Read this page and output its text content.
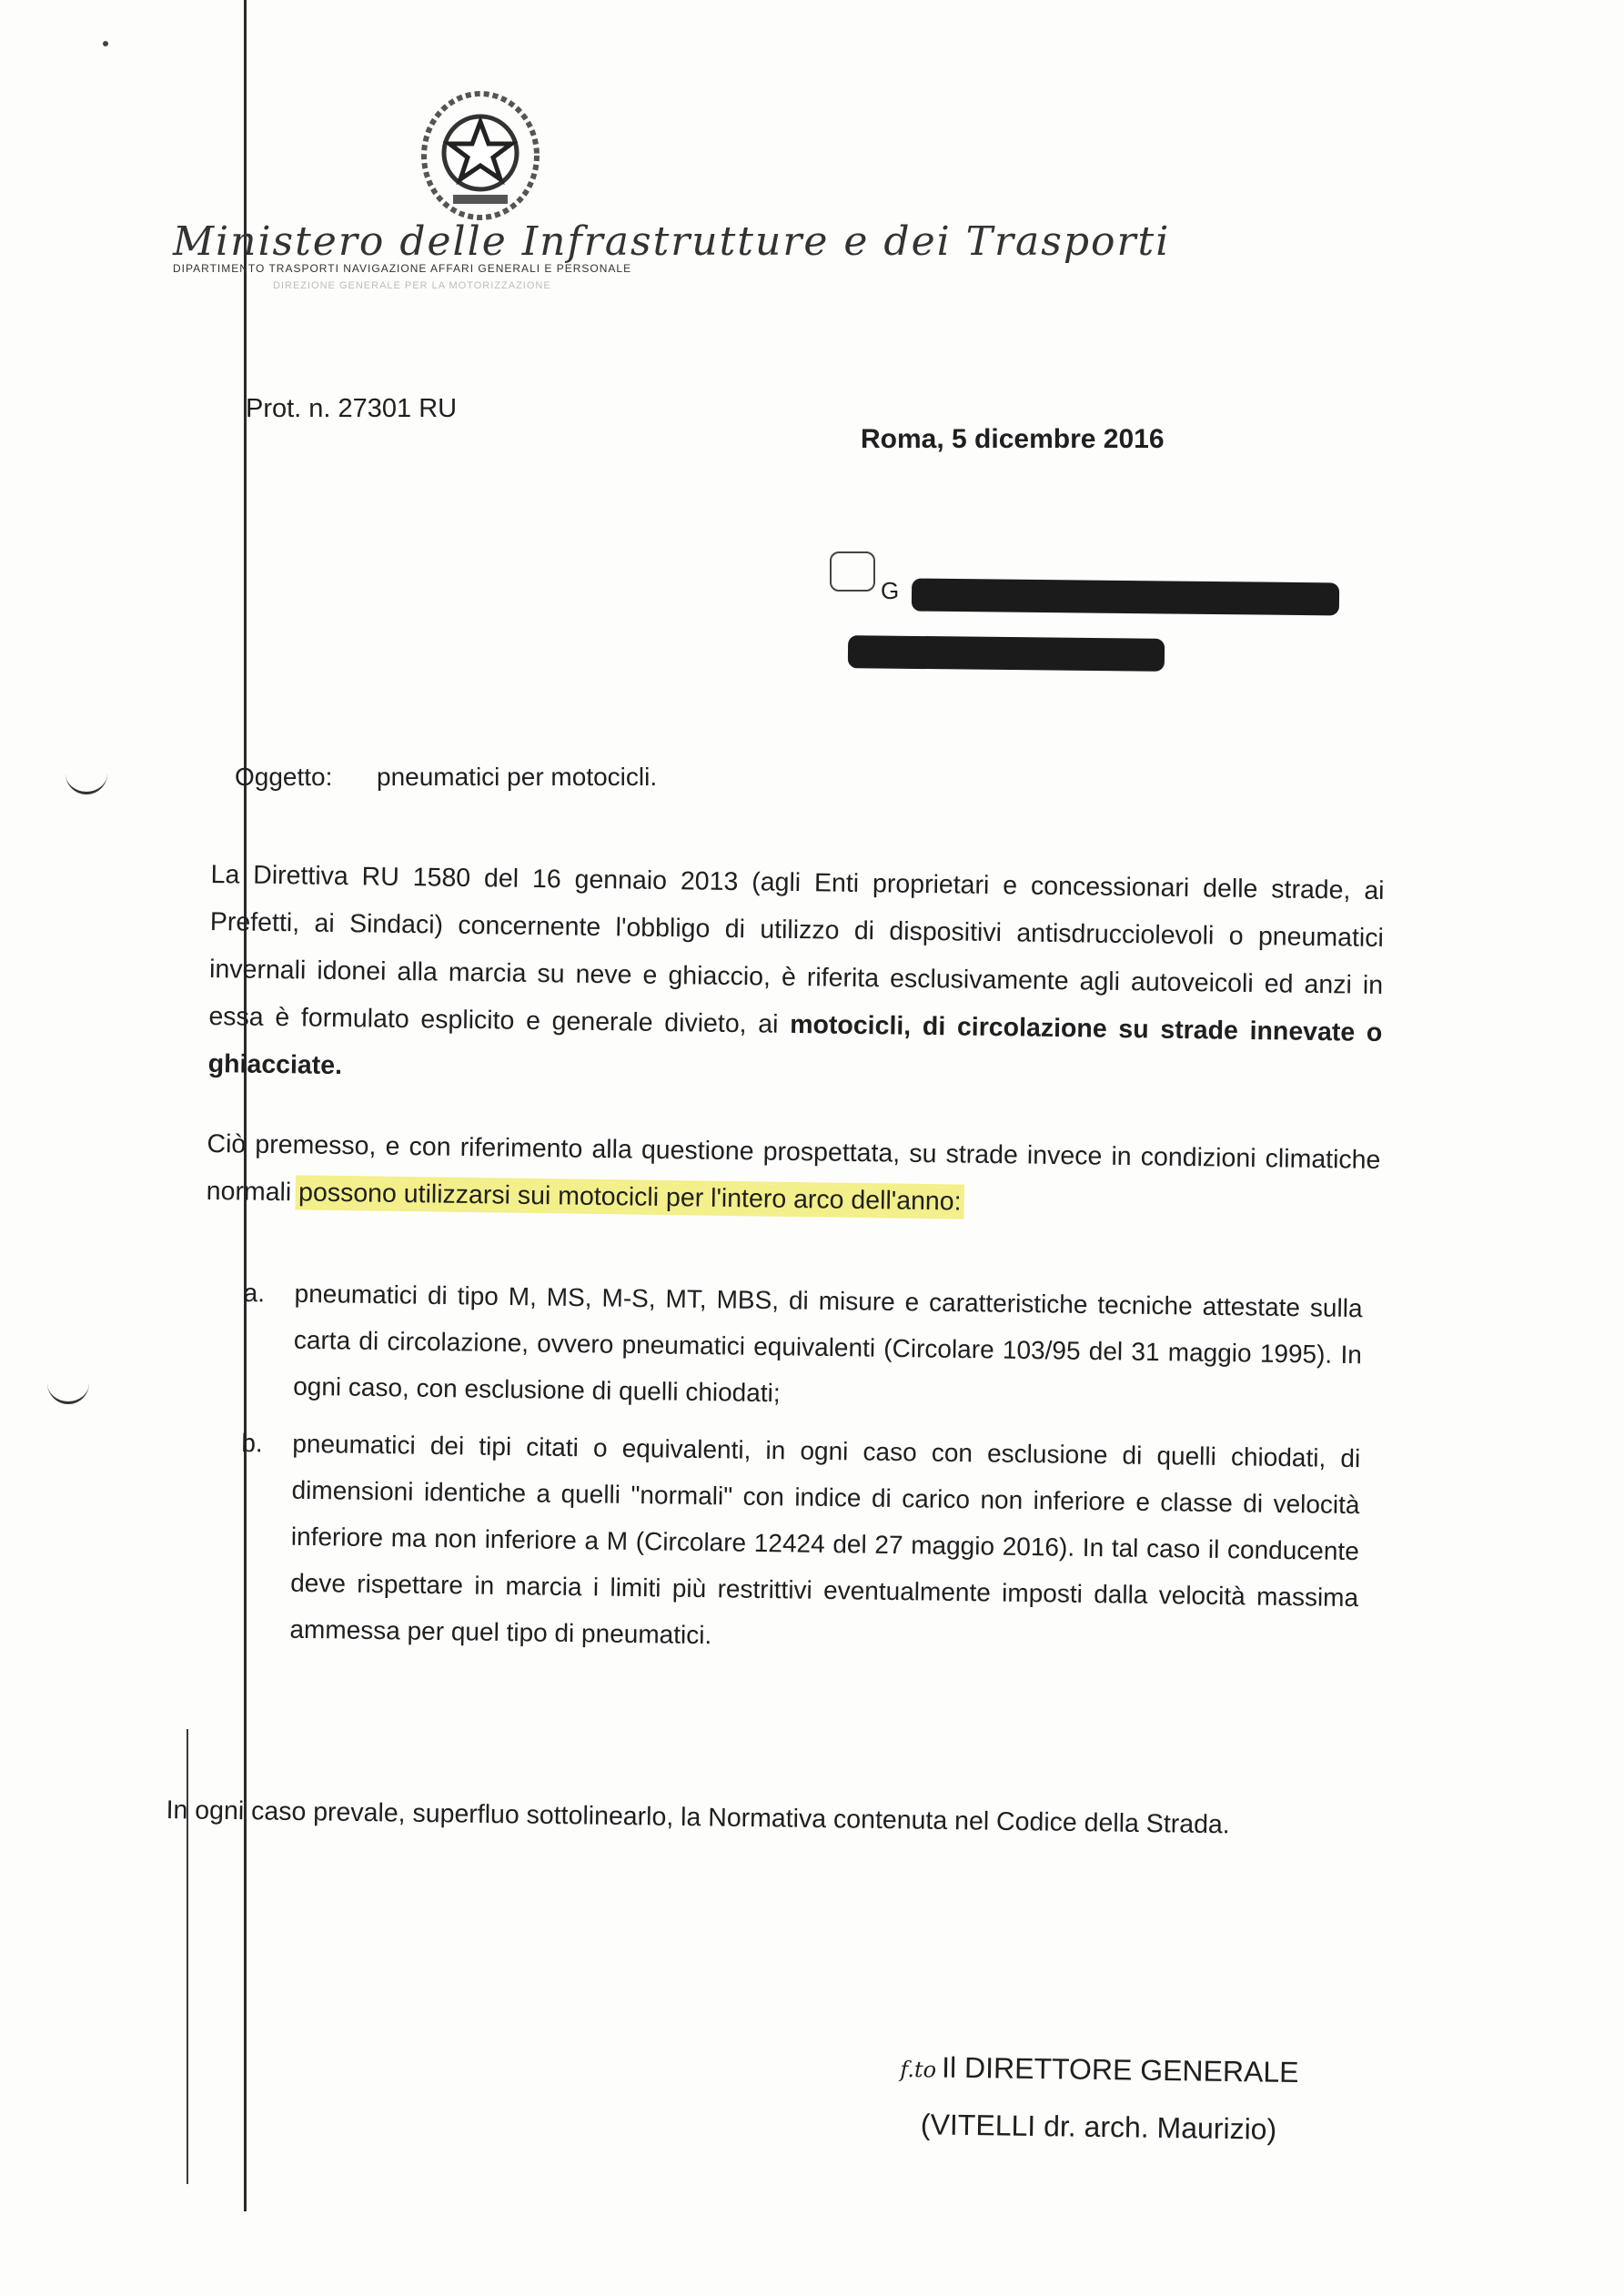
Ministero delle Infrastrutture e dei Trasporti
DIPARTIMENTO TRASPORTI NAVIGAZIONE AFFARI GENERALI E PERSONALE
DIREZIONE GENERALE PER LA MOTORIZZAZIONE
Prot. n. 27301 RU
Roma, 5 dicembre 2016
G
Oggetto: pneumatici per motocicli.

La Direttiva RU 1580 del 16 gennaio 2013 (agli Enti proprietari e concessionari delle strade, ai Prefetti, ai Sindaci) concernente l'obbligo di utilizzo di dispositivi antisdrucciolevoli o pneumatici invernali idonei alla marcia su neve e ghiaccio, è riferita esclusivamente agli autoveicoli ed anzi in essa è formulato esplicito e generale divieto, ai motocicli, di circolazione su strade innevate o ghiacciate.

Ciò premesso, e con riferimento alla questione prospettata, su strade invece in condizioni climatiche normali possono utilizzarsi sui motocicli per l'intero arco dell'anno:

a.	pneumatici di tipo M, MS, M-S, MT, MBS, di misure e caratteristiche tecniche attestate sulla carta di circolazione, ovvero pneumatici equivalenti (Circolare 103/95 del 31 maggio 1995). In ogni caso, con esclusione di quelli chiodati;
b.	pneumatici dei tipi citati o equivalenti, in ogni caso con esclusione di quelli chiodati, di dimensioni identiche a quelli "normali" con indice di carico non inferiore e classe di velocità inferiore ma non inferiore a M (Circolare 12424 del 27 maggio 2016). In tal caso il conducente deve rispettare in marcia i limiti più restrittivi eventualmente imposti dalla velocità massima ammessa per quel tipo di pneumatici.
In ogni caso prevale, superfluo sottolinearlo, la Normativa contenuta nel Codice della Strada.
f.to Il DIRETTORE GENERALE
(VITELLI dr. arch. Maurizio)
